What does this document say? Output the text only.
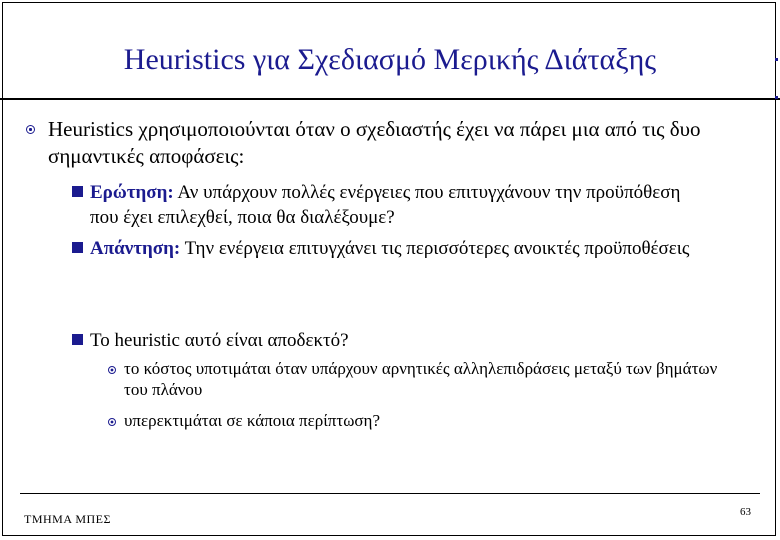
Heuristics για Σχεδιασμό Μερικής Διάταξης
Heuristics χρησιμοποιούνται όταν ο σχεδιαστής έχει να πάρει μια από τις δυο σημαντικές αποφάσεις:
Ερώτηση: Αν υπάρχουν πολλές ενέργειες που επιτυγχάνουν την προϋπόθεση που έχει επιλεχθεί, ποια θα διαλέξουμε?
Απάντηση: Την ενέργεια επιτυγχάνει τις περισσότερες ανοικτές προϋποθέσεις
Το heuristic αυτό είναι αποδεκτό?
το κόστος υποτιμάται όταν υπάρχουν αρνητικές αλληλεπιδράσεις μεταξύ των βημάτων του πλάνου
υπερεκτιμάται σε κάποια περίπτωση?
ΤΜΗΜΑ ΜΠΕΣ	63
